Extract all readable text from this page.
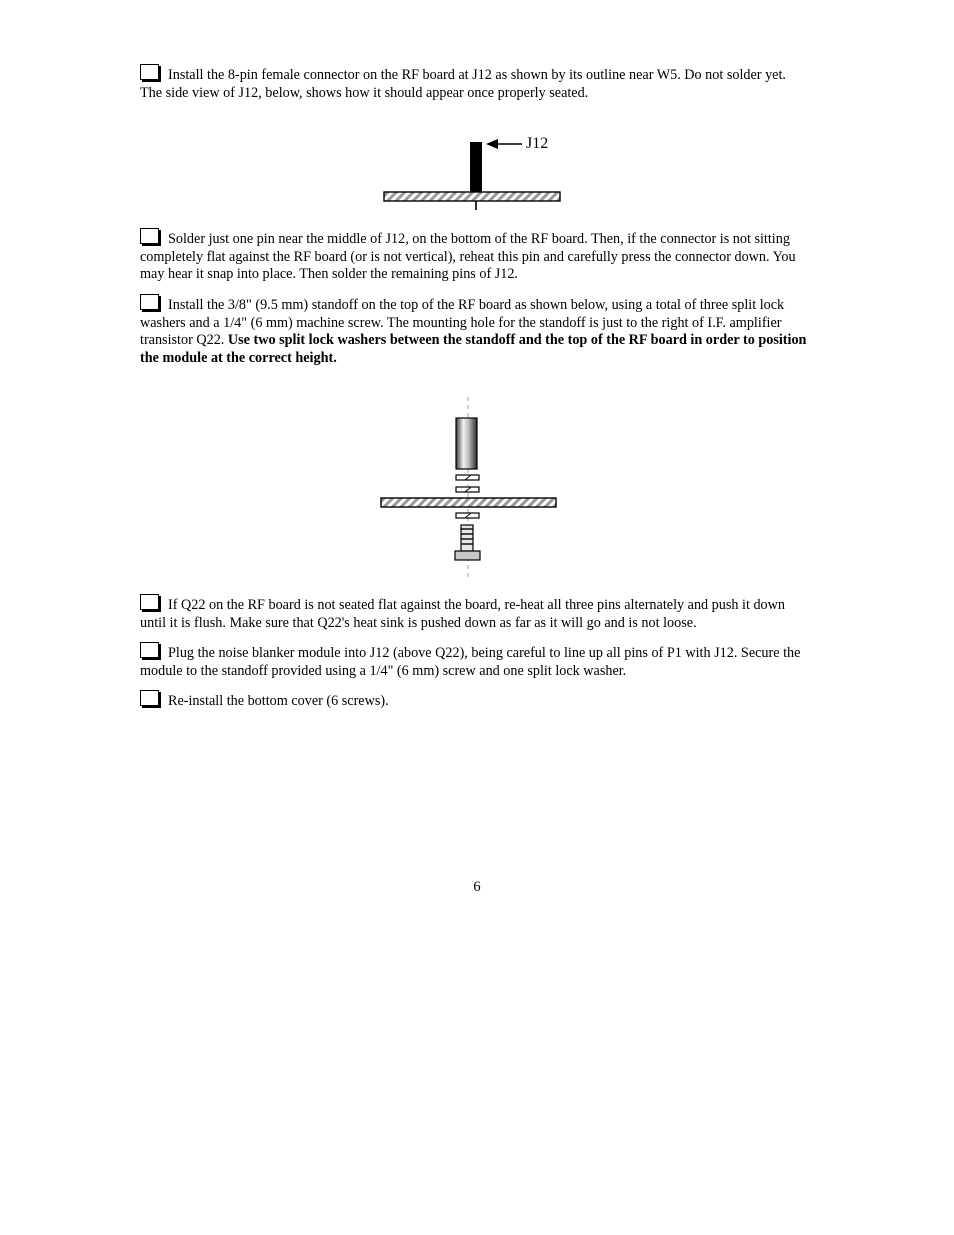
Install the 8-pin female connector on the RF board at J12 as shown by its outline near W5. Do not solder yet. The side view of J12, below, shows how it should appear once properly seated.
J12
Solder just one pin near the middle of J12, on the bottom of the RF board. Then, if the connector is not sitting completely flat against the RF board (or is not vertical), reheat this pin and carefully press the connector down. You may hear it snap into place. Then solder the remaining pins of J12.
Install the 3/8" (9.5 mm) standoff on the top of the RF board as shown below, using a total of three split lock washers and a 1/4" (6 mm) machine screw. The mounting hole for the standoff is just to the right of I.F. amplifier transistor Q22. Use two split lock washers between the standoff and the top of the RF board in order to position the module at the correct height.
If Q22 on the RF board is not seated flat against the board, re-heat all three pins alternately and push it down until it is flush. Make sure that Q22's heat sink is pushed down as far as it will go and is not loose.
Plug the noise blanker module into J12 (above Q22), being careful to line up all pins of P1 with J12. Secure the module to the standoff provided using a 1/4" (6 mm) screw and one split lock washer.
Re-install the bottom cover (6 screws).
6
